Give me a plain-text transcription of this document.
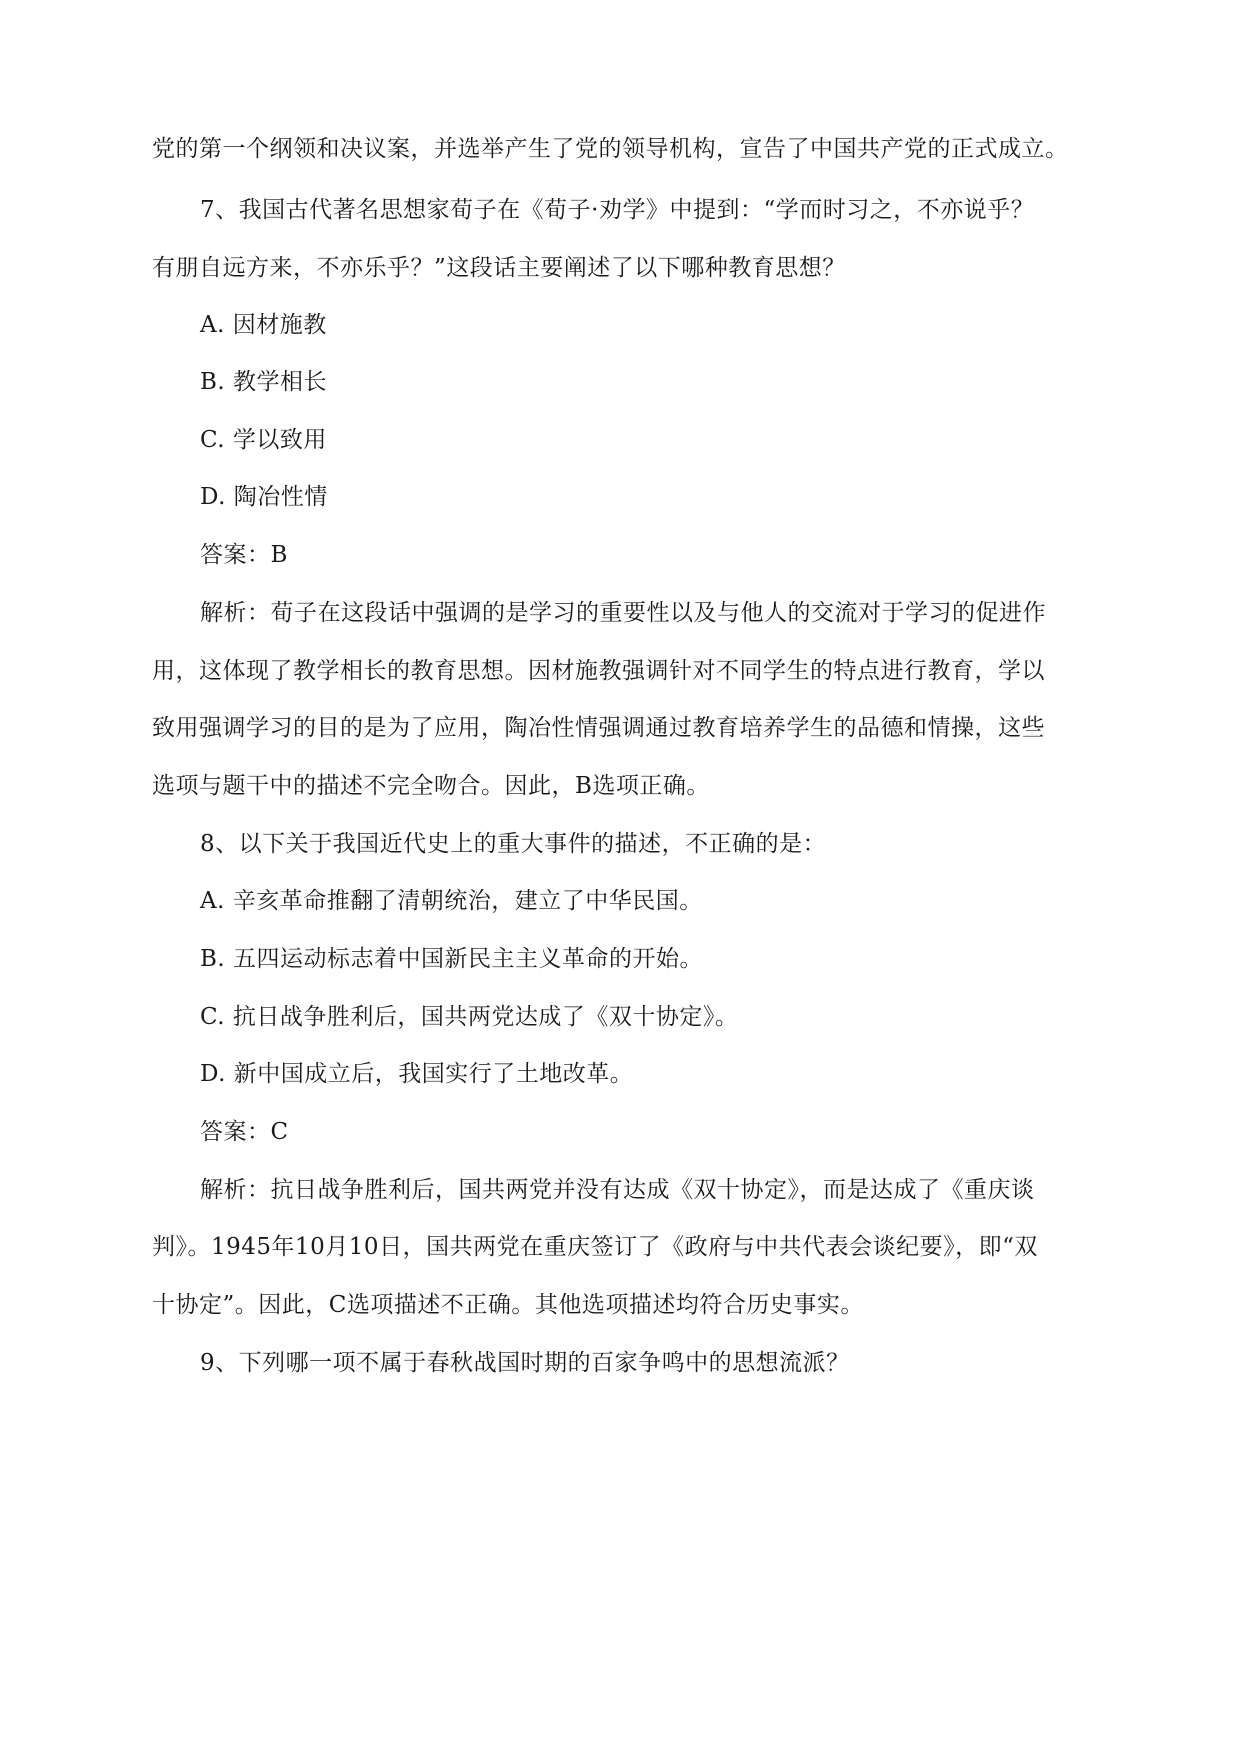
党的第一个纲领和决议案，并选举产生了党的领导机构，宣告了中国共产党的正式成立。
7、我国古代著名思想家荀子在《荀子·劝学》中提到：“学而时习之，不亦说乎？
有朋自远方来，不亦乐乎？”这段话主要阐述了以下哪种教育思想？
A. 因材施教
B. 教学相长
C. 学以致用
D. 陶冶性情
答案：B
解析：荀子在这段话中强调的是学习的重要性以及与他人的交流对于学习的促进作
用，这体现了教学相长的教育思想。因材施教强调针对不同学生的特点进行教育，学以
致用强调学习的目的是为了应用，陶冶性情强调通过教育培养学生的品德和情操，这些
选项与题干中的描述不完全吻合。因此，B选项正确。
8、以下关于我国近代史上的重大事件的描述，不正确的是：
A. 辛亥革命推翻了清朝统治，建立了中华民国。
B. 五四运动标志着中国新民主主义革命的开始。
C. 抗日战争胜利后，国共两党达成了《双十协定》。
D. 新中国成立后，我国实行了土地改革。
答案：C
解析：抗日战争胜利后，国共两党并没有达成《双十协定》，而是达成了《重庆谈
判》。1945年10月10日，国共两党在重庆签订了《政府与中共代表会谈纪要》，即“双
十协定”。因此，C选项描述不正确。其他选项描述均符合历史事实。
9、下列哪一项不属于春秋战国时期的百家争鸣中的思想流派？
